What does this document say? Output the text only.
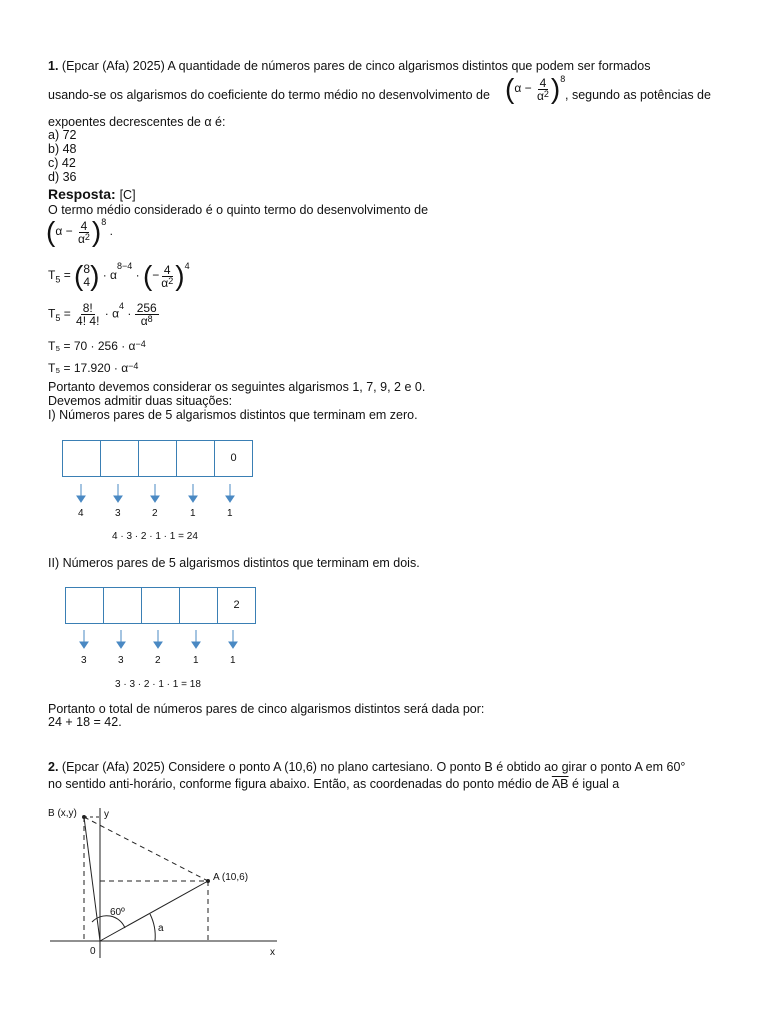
1. (Epcar (Afa) 2025) A quantidade de números pares de cinco algarismos distintos que podem ser formados
usando-se os algarismos do coeficiente do termo médio no desenvolvimento de $(\alpha - \frac{4}{\alpha^2} )^8$
, segundo as potências de
expoentes decrescentes de α é:
a) 72
b) 48
c) 42
d) 36
Resposta: [C]
O termo médio considerado é o quinto termo do desenvolvimento de
$(\alpha - \frac{4}{\alpha^2} )^8$ .
$T_5$ = ( 8
4 ) · $\alpha^{8-4}$ · (− $\frac{4}{\alpha^2} )^4$
$T_5 = \frac{8!}{4! 4!} \cdot \alpha^4 \cdot \frac{256}{\alpha^8}$
$T_5 = 70 \cdot 256 \cdot \alpha^{-4}$
$T_5 = 17.920 \cdot \alpha^{-4}$
Portanto devemos considerar os seguintes algarismos 1, 7, 9, 2 e 0.
Devemos admitir duas situações:
I) Números pares de 5 algarismos distintos que terminam em zero.
0
4	3	2	1	1
4 · 3 · 2 · 1 · 1 = 24
II) Números pares de 5 algarismos distintos que terminam em dois.
2
3	3	2	1	1
3 · 3 · 2 · 1 · 1 = 18
Portanto o total de números pares de cinco algarismos distintos será dada por:
24 + 18 = 42.
2. (Epcar (Afa) 2025) Considere o ponto A (10,6) no plano cartesiano. O ponto B é obtido ao girar o ponto A em 60°
no sentido anti-horário, conforme figura abaixo. Então, as coordenadas do ponto médio de $\overline{AB}$ é igual a
B (x,y)	y
A (10,6)
60º
a
0	x
